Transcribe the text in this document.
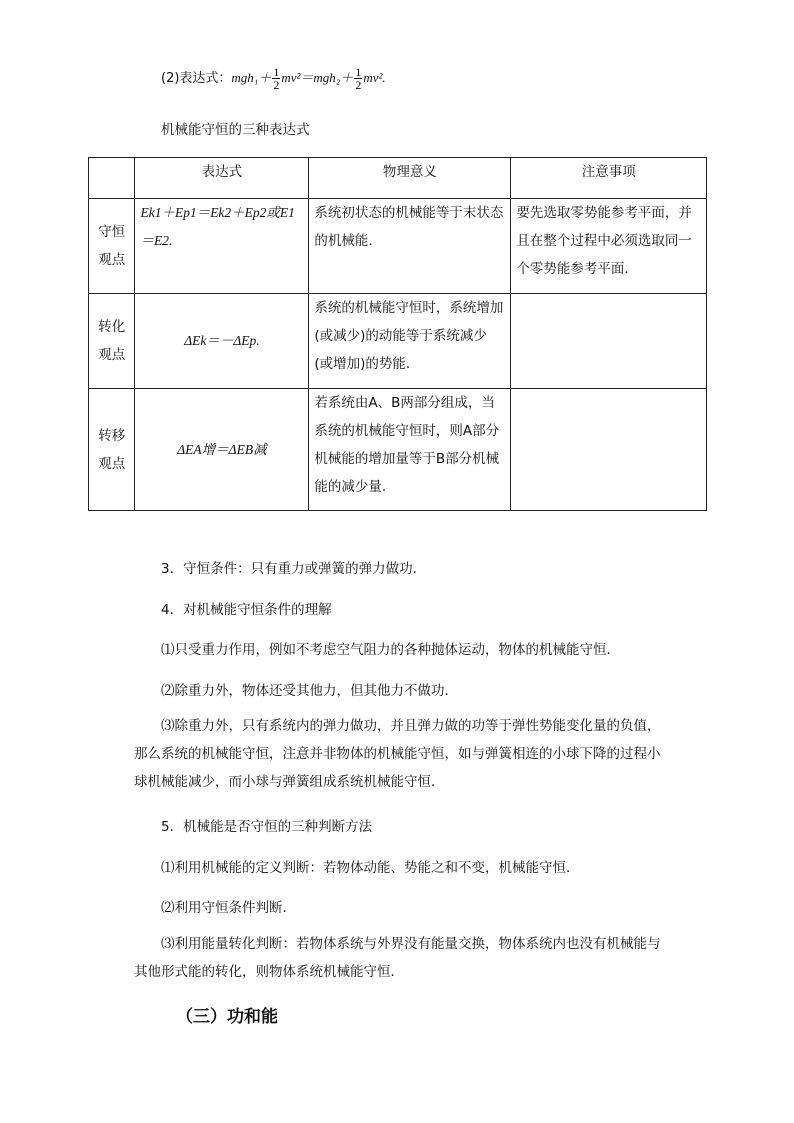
(2)表达式：$mgh_1+ \frac{1}{2} mv^2=mgh_2+ \frac{1}{2} mv^2$.
机械能守恒的三种表达式
	表达式	物理意义	注意事项
守恒观点	Ek1＋Ep1＝Ek2＋Ep2或E1＝E2.	系统初状态的机械能等于末状态的机械能.	要先选取零势能参考平面，并且在整个过程中必须选取同一个零势能参考平面.
转化观点	ΔEk＝－ΔEp.	系统的机械能守恒时，系统增加(或减少)的动能等于系统减少(或增加)的势能.	
转移观点	ΔEA增＝ΔEB减	若系统由A、B两部分组成，当系统的机械能守恒时，则A部分机械能的增加量等于B部分机械能的减少量.	
3．守恒条件：只有重力或弹簧的弹力做功．
4．对机械能守恒条件的理解
⑴只受重力作用，例如不考虑空气阻力的各种抛体运动，物体的机械能守恒．
⑵除重力外，物体还受其他力，但其他力不做功．
⑶除重力外，只有系统内的弹力做功，并且弹力做的功等于弹性势能变化量的负值，那么系统的机械能守恒，注意并非物体的机械能守恒，如与弹簧相连的小球下降的过程小球机械能减少，而小球与弹簧组成系统机械能守恒．
5．机械能是否守恒的三种判断方法
⑴利用机械能的定义判断：若物体动能、势能之和不变，机械能守恒．
⑵利用守恒条件判断．
⑶利用能量转化判断：若物体系统与外界没有能量交换，物体系统内也没有机械能与其他形式能的转化，则物体系统机械能守恒．
（三）功和能
